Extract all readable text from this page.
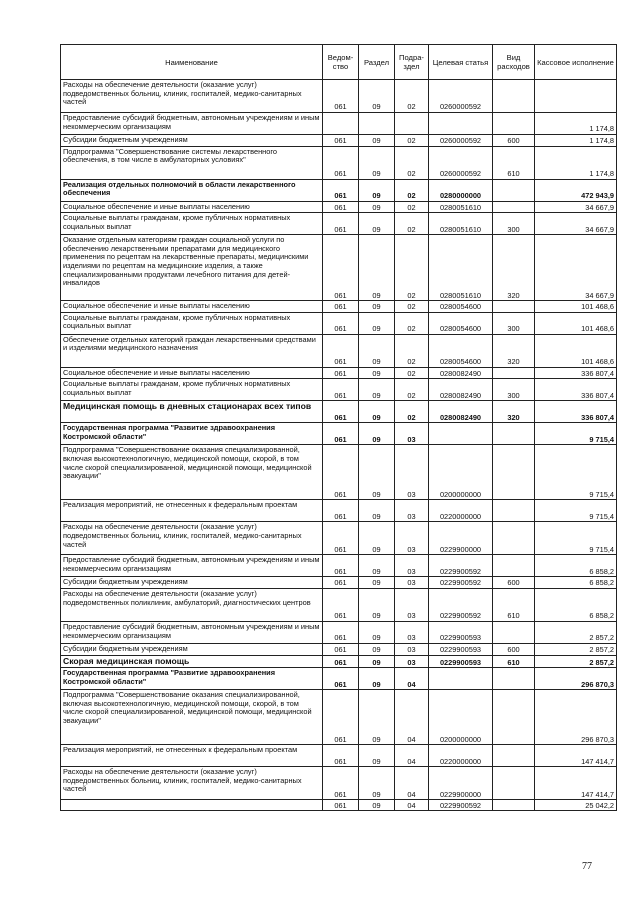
Наименование	Ведом-ство	Раздел	Подра-здел	Целевая статья	Вид расходов	Кассовое исполнение
Расходы на обеспечение деятельности (оказание услуг) подведомственных больниц, клиник, госпиталей, медико-санитарных частей	061	09	02	0260000592		
Предоставление субсидий бюджетным, автономным учреждениям и иным некоммерческим организациям						1 174,8
Субсидии бюджетным учреждениям	061	09	02	0260000592	600	1 174,8
Подпрограмма "Совершенствование системы лекарственного обеспечения, в том числе в амбулаторных условиях"	061	09	02	0260000592	610	1 174,8
Реализация отдельных полномочий в области лекарственного обеспечения	061	09	02	0280000000		472 943,9
Социальное обеспечение и иные выплаты населению	061	09	02	0280051610		34 667,9
Социальные выплаты гражданам, кроме публичных нормативных социальных выплат	061	09	02	0280051610	300	34 667,9
Оказание отдельным категориям граждан социальной услуги по обеспечению лекарственными препаратами для медицинского применения по рецептам на лекарственные препараты, медицинскими изделиями по рецептам на медицинские изделия, а также специализированными продуктами лечебного питания для детей-инвалидов	061	09	02	0280051610	320	34 667,9
Социальное обеспечение и иные выплаты населению	061	09	02	0280054600		101 468,6
Социальные выплаты гражданам, кроме публичных нормативных социальных выплат	061	09	02	0280054600	300	101 468,6
Обеспечение отдельных категорий граждан лекарственными средствами и изделиями медицинского назначения	061	09	02	0280054600	320	101 468,6
Социальное обеспечение и иные выплаты населению	061	09	02	0280082490		336 807,4
Социальные выплаты гражданам, кроме публичных нормативных социальных выплат	061	09	02	0280082490	300	336 807,4
Медицинская помощь в дневных стационарах всех типов	061	09	02	0280082490	320	336 807,4
Государственная программа "Развитие здравоохранения Костромской области"	061	09	03			9 715,4
Подпрограмма "Совершенствование оказания специализированной, включая высокотехнологичную, медицинской помощи, скорой, в том числе скорой специализированной, медицинской помощи, медицинской эвакуации"	061	09	03	0200000000		9 715,4
Реализация мероприятий, не отнесенных к федеральным проектам	061	09	03	0220000000		9 715,4
Расходы на обеспечение деятельности (оказание услуг) подведомственных больниц, клиник, госпиталей, медико-санитарных частей	061	09	03	0229900000		9 715,4
Предоставление субсидий бюджетным, автономным учреждениям и иным некоммерческим организациям	061	09	03	0229900592		6 858,2
Субсидии бюджетным учреждениям	061	09	03	0229900592	600	6 858,2
Расходы на обеспечение деятельности (оказание услуг) подведомственных поликлиник, амбулаторий, диагностических центров	061	09	03	0229900592	610	6 858,2
Предоставление субсидий бюджетным, автономным учреждениям и иным некоммерческим организациям	061	09	03	0229900593		2 857,2
Субсидии бюджетным учреждениям	061	09	03	0229900593	600	2 857,2
Скорая медицинская помощь	061	09	03	0229900593	610	2 857,2
Государственная программа "Развитие здравоохранения Костромской области"	061	09	04			296 870,3
Подпрограмма "Совершенствование оказания специализированной, включая высокотехнологичную, медицинской помощи, скорой, в том числе скорой специализированной, медицинской помощи, медицинской эвакуации"	061	09	04	0200000000		296 870,3
Реализация мероприятий, не отнесенных к федеральным проектам	061	09	04	0220000000		147 414,7
Расходы на обеспечение деятельности (оказание услуг) подведомственных больниц, клиник, госпиталей, медико-санитарных частей	061	09	04	0229900000		147 414,7
	061	09	04	0229900592		25 042,2
77
